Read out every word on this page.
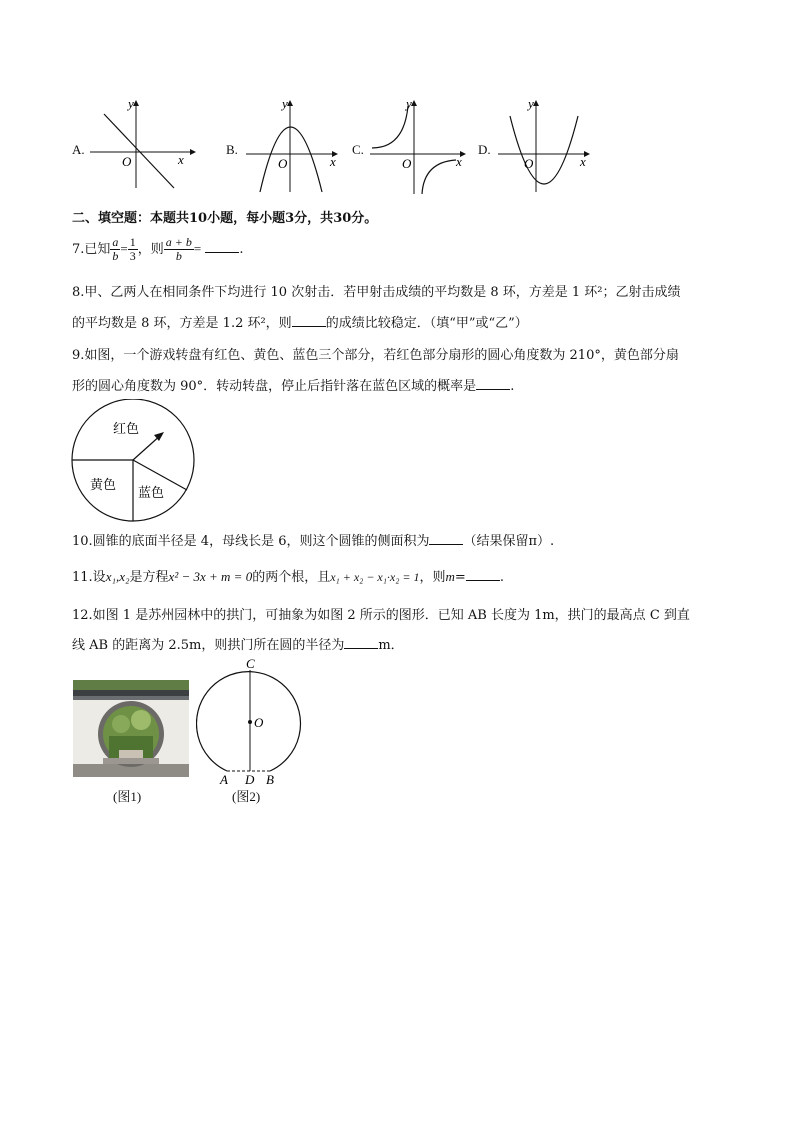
A.
y
x
O
B.
y
x
O
C.
y
x
O
D.
y
x
O
二、填空题：本题共10小题，每小题3分，共30分。
7.已知 $\frac{a}{b} = \frac{1}{3}$ ，则 $\frac{a + b}{b}$ =	.
8.甲、乙两人在相同条件下均进行 10 次射击．若甲射击成绩的平均数是 8 环，方差是 1 环²；乙射击成绩
的平均数是 8 环，方差是 1.2 环²，则	的成绩比较稳定．（填“甲”或“乙”）
9.如图，一个游戏转盘有红色、黄色、蓝色三个部分，若红色部分扇形的圆心角度数为 210°，黄色部分扇
形的圆心角度数为 90°．转动转盘，停止后指针落在蓝色区域的概率是	.
红色
黄色
蓝色
10.圆锥的底面半径是 4，母线长是 6，则这个圆锥的侧面积为	（结果保留π）.
11.设x₁,x₂是方程x² − 3x + m = 0的两个根，且x₁ + x₂ − x₁·x₂ = 1，则m=	.
12.如图 1 是苏州园林中的拱门，可抽象为如图 2 所示的图形．已知 AB 长度为 1m，拱门的最高点 C 到直
线 AB 的距离为 2.5m，则拱门所在圆的半径为	m．
(图1)
C
O
A D B
(图2)
